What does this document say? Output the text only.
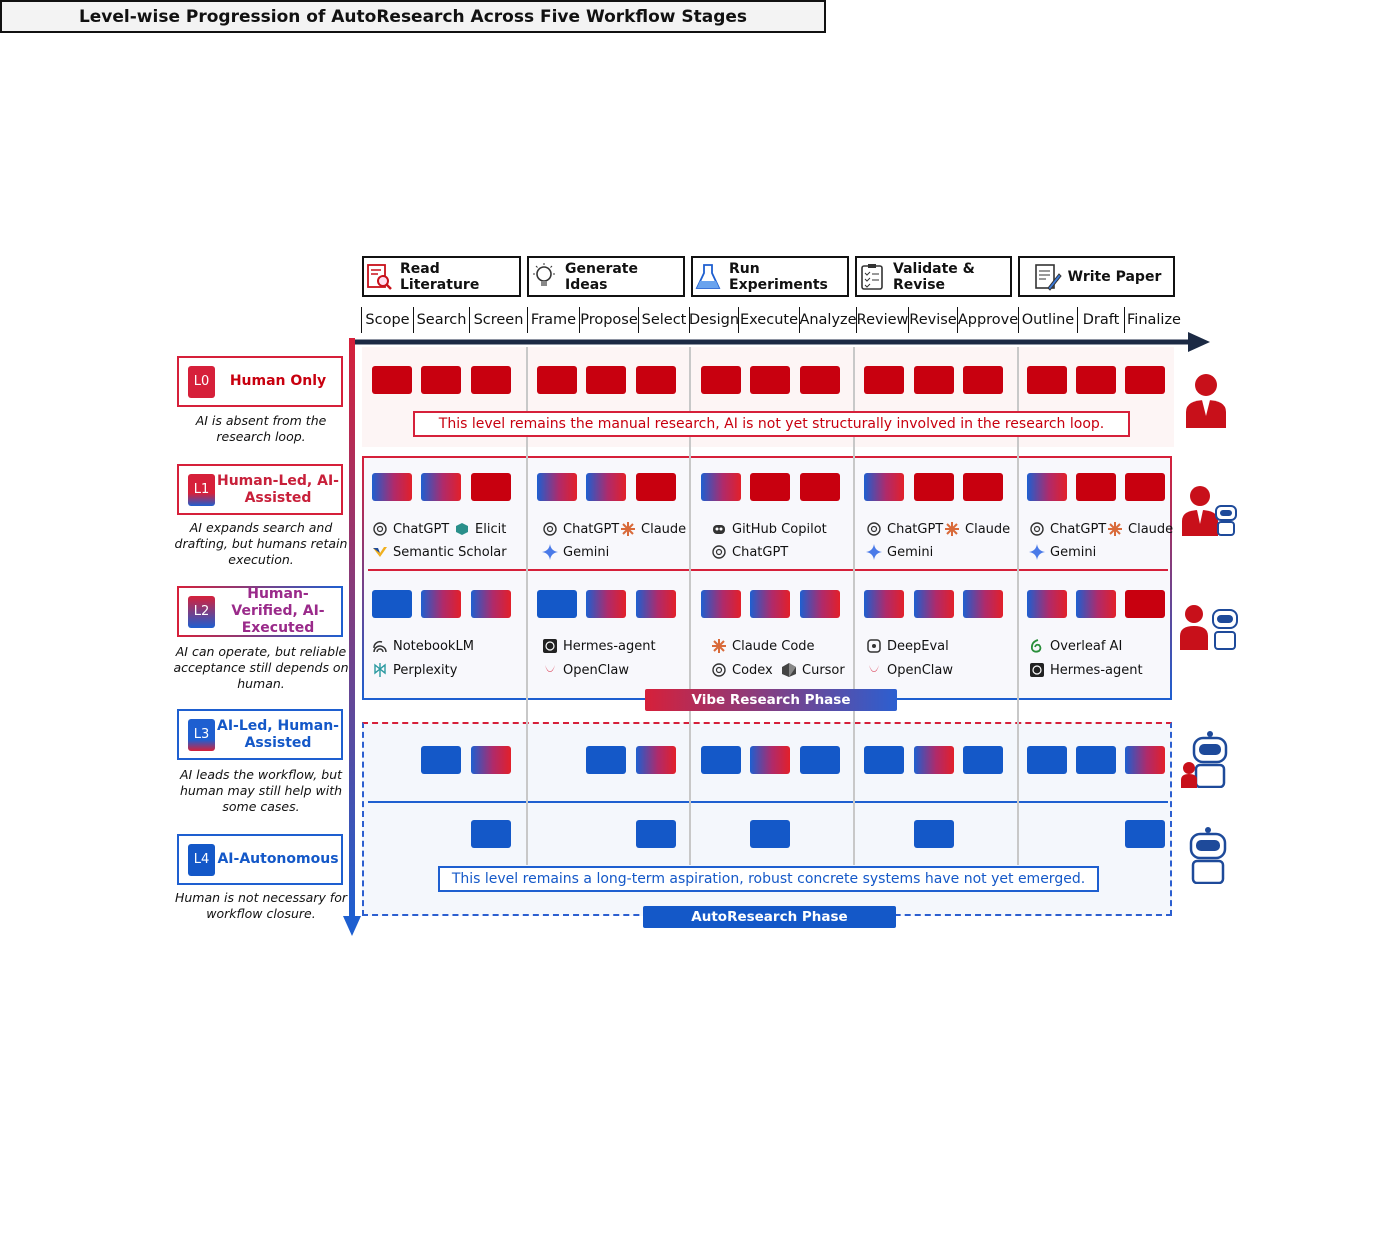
Level-wise Progression of AutoResearch Across Five Workflow Stages
Read Literature
Generate Ideas
Run Experiments
Validate & Revise	Write Paper
Scope Search Screen Frame Propose Select Design Execute Analyze Review Revise Approve Outline Draft Finalize
L0	Human Only
AI is absent from the research loop.
L1
Human-Led, AI-Assisted
AI expands search and drafting, but humans retain execution.
L2
Human-Verified, AI-Executed
AI can operate, but reliable acceptance still depends on human.
L3
AI-Led, Human-Assisted
AI leads the workflow, but human may still help with some cases.
L4 AI-Autonomous
Human is not necessary for workflow closure.
This level remains the manual research, AI is not yet structurally involved in the research loop.
This level remains a long-term aspiration, robust concrete systems have not yet emerged.
Vibe Research Phase
AutoResearch Phase
ChatGPT Elicit
Semantic Scholar
ChatGPT Claude
Gemini
GitHub Copilot
ChatGPT
ChatGPT Claude
Gemini
ChatGPT Claude
Gemini
NotebookLM
Perplexity
Hermes-agent
OpenClaw
Claude Code
Codex Cursor
DeepEval
OpenClaw
Overleaf AI
Hermes-agent
